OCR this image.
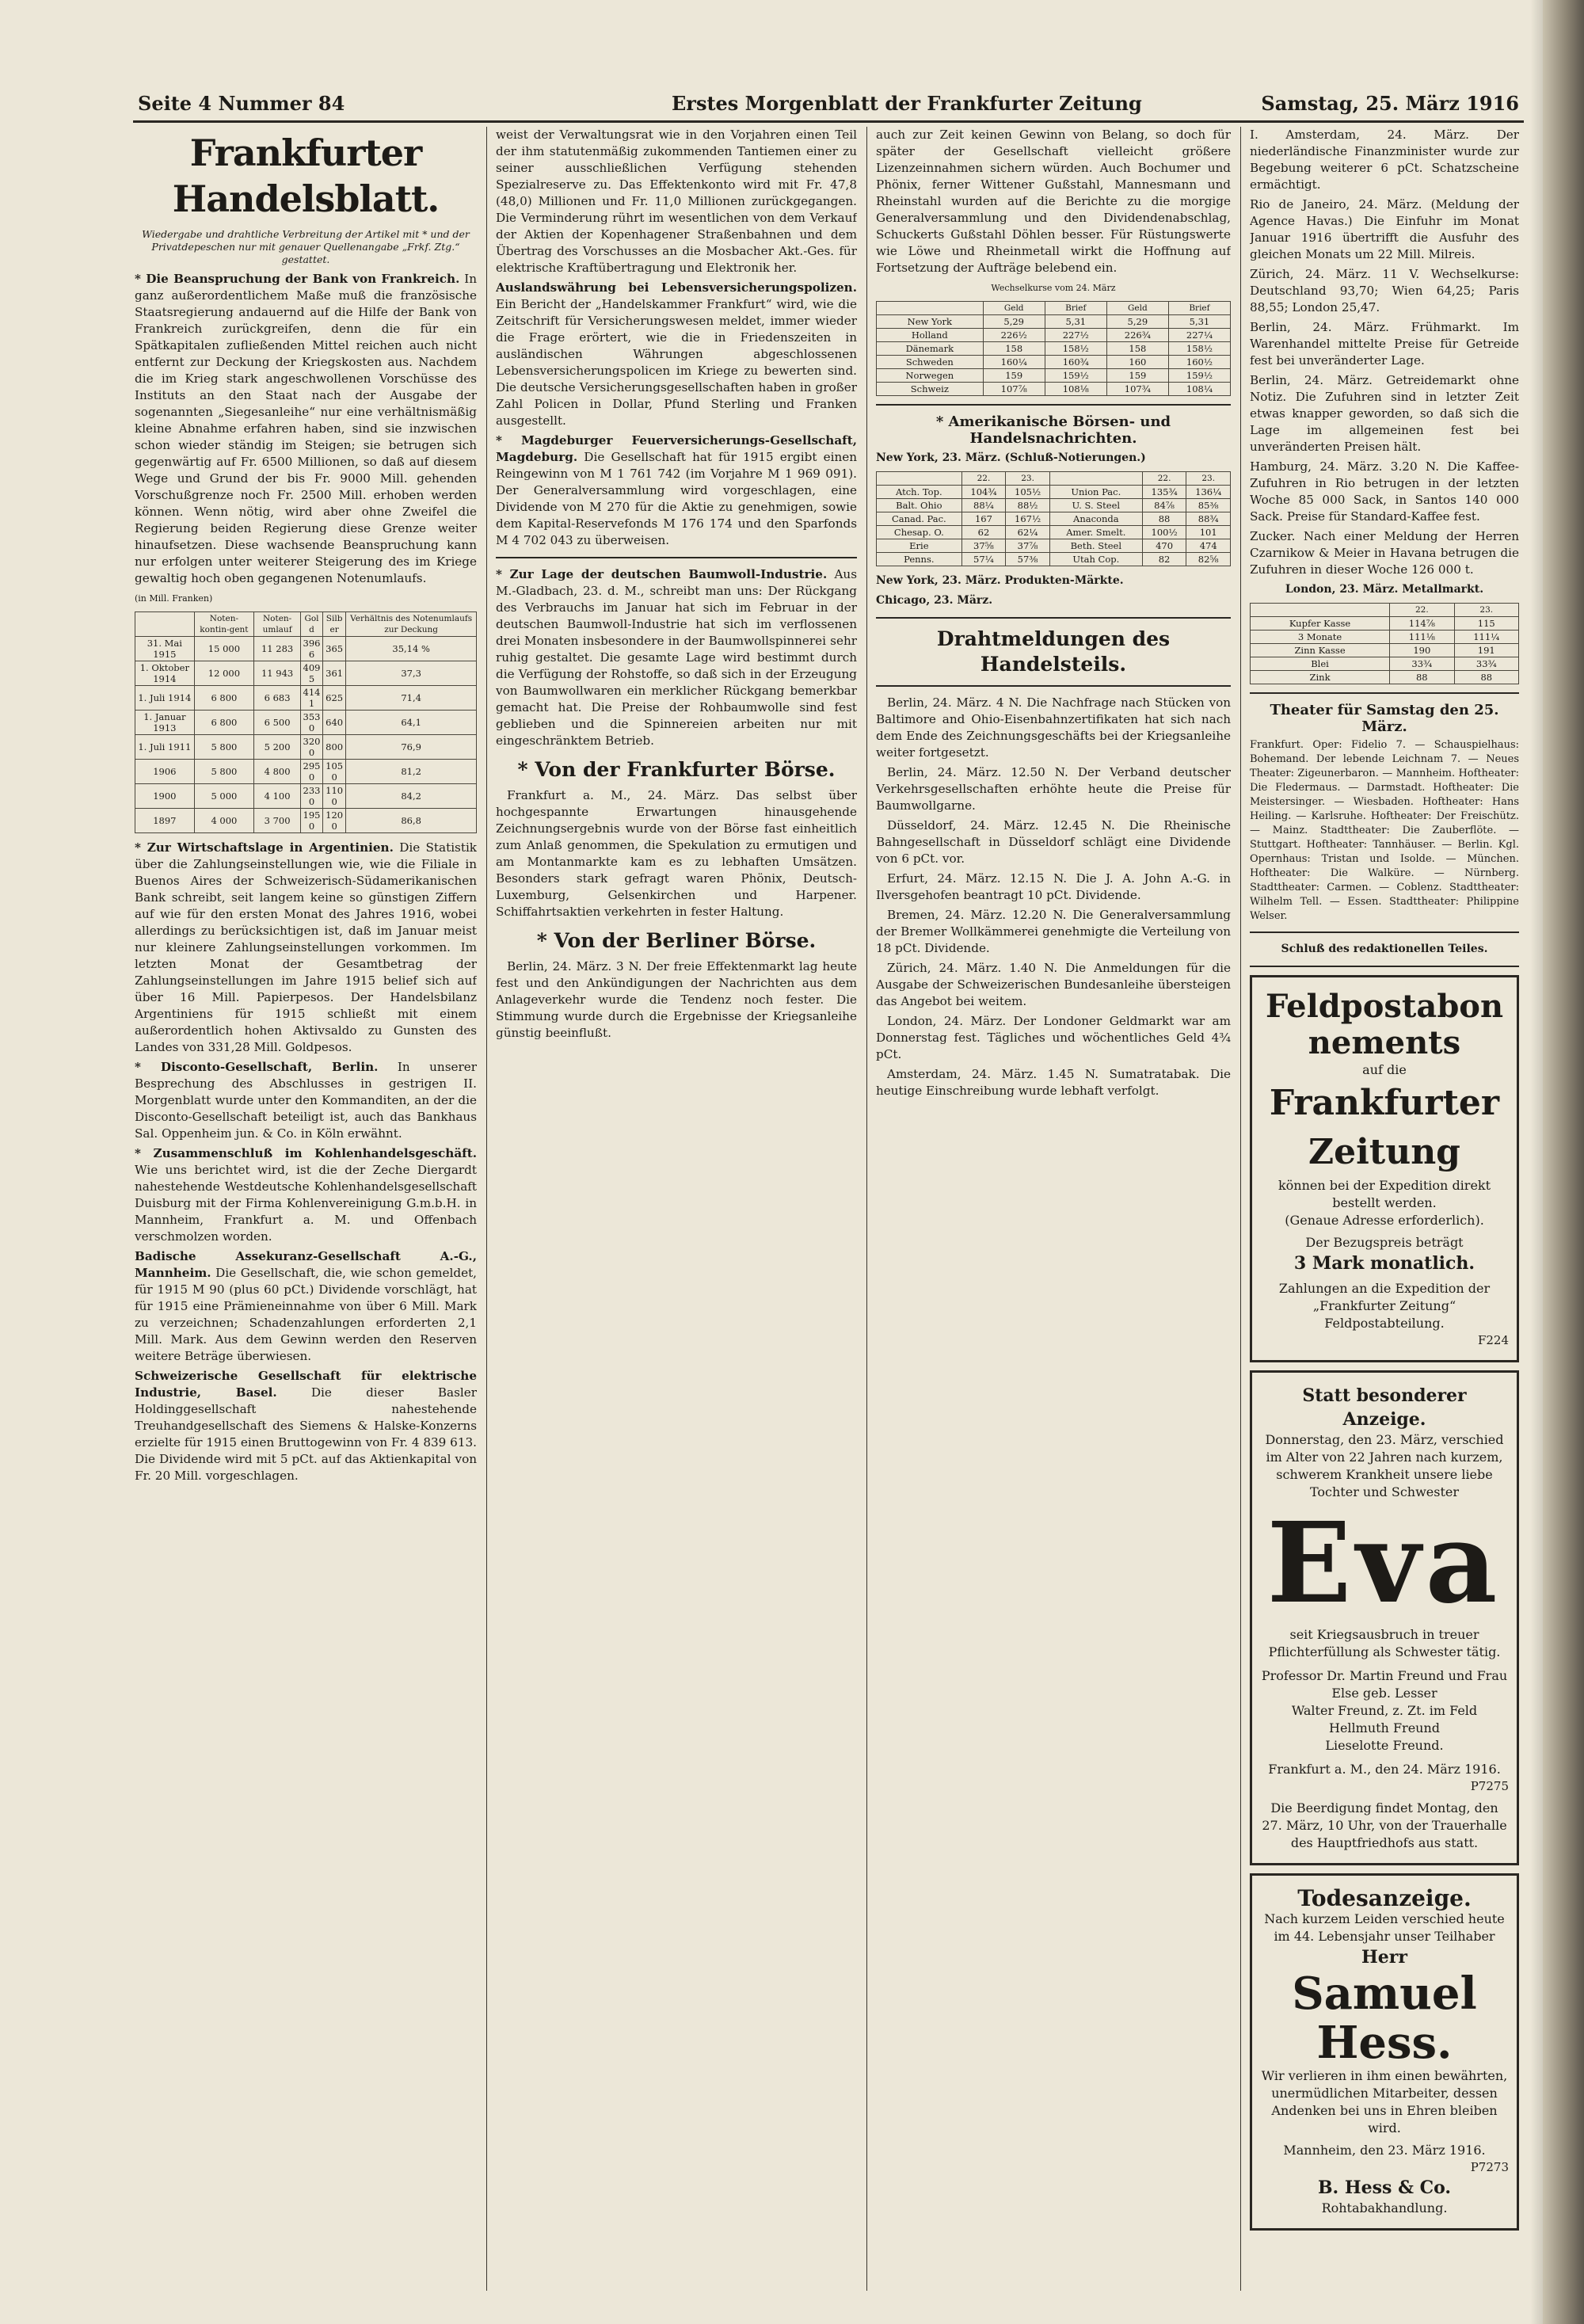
Seite 4 Nummer 84	Erstes Morgenblatt der Frankfurter Zeitung	Samstag, 25. März 1916
Frankfurter Handelsblatt.
Wiedergabe und drahtliche Verbreitung der Artikel mit * und der Privatdepeschen nur mit genauer Quellenangabe „Frkf. Ztg.“ gestattet.

* Die Beanspruchung der Bank von Frankreich. In ganz außerordentlichem Maße muß die französische Staatsregierung andauernd auf die Hilfe der Bank von Frankreich zurückgreifen, denn die für ein Spätkapitalen zufließenden Mittel reichen auch nicht entfernt zur Deckung der Kriegskosten aus. Nachdem die im Krieg stark angeschwollenen Vorschüsse des Instituts an den Staat nach der Ausgabe der sogenannten „Siegesanleihe“ nur eine verhältnismäßig kleine Abnahme erfahren haben, sind sie inzwischen schon wieder ständig im Steigen; sie betrugen sich gegenwärtig auf Fr. 6500 Millionen, so daß auf diesem Wege und Grund der bis Fr. 9000 Mill. gehenden Vorschußgrenze noch Fr. 2500 Mill. erhoben werden können. Wenn nötig, wird aber ohne Zweifel die Regierung beiden Regierung diese Grenze weiter hinaufsetzen. Diese wachsende Beanspruchung kann nur erfolgen unter weiterer Steigerung des im Kriege gewaltig hoch oben gegangenen Notenumlaufs.

(in Mill. Franken)
	Noten-kontin-gent	Noten-umlauf	Gold	Silber	Verhältnis des Notenumlaufs zur Deckung
31. Mai 1915	15 000	11 283	3966	365	35,14 %
1. Oktober 1914	12 000	11 943	4095	361	37,3
1. Juli 1914	6 800	6 683	4141	625	71,4
1. Januar 1913	6 800	6 500	3530	640	64,1
1. Juli 1911	5 800	5 200	3200	800	76,9
1906	5 800	4 800	2950	1050	81,2
1900	5 000	4 100	2330	1100	84,2
1897	4 000	3 700	1950	1200	86,8

* Zur Wirtschaftslage in Argentinien. Die Statistik über die Zahlungseinstellungen wie, wie die Filiale in Buenos Aires der Schweizerisch-Südamerikanischen Bank schreibt, seit langem keine so günstigen Ziffern auf wie für den ersten Monat des Jahres 1916, wobei allerdings zu berücksichtigen ist, daß im Januar meist nur kleinere Zahlungseinstellungen vorkommen. Im letzten Monat der Gesamtbetrag der Zahlungseinstellungen im Jahre 1915 belief sich auf über 16 Mill. Papierpesos. Der Handelsbilanz Argentiniens für 1915 schließt mit einem außerordentlich hohen Aktivsaldo zu Gunsten des Landes von 331,28 Mill. Goldpesos.

* Disconto-Gesellschaft, Berlin. In unserer Besprechung des Abschlusses in gestrigen II. Morgenblatt wurde unter den Kommanditen, an der die Disconto-Gesellschaft beteiligt ist, auch das Bankhaus Sal. Oppenheim jun. & Co. in Köln erwähnt.

* Zusammenschluß im Kohlenhandelsgeschäft. Wie uns berichtet wird, ist die der Zeche Diergardt nahestehende Westdeutsche Kohlenhandelsgesellschaft Duisburg mit der Firma Kohlenvereinigung G.m.b.H. in Mannheim, Frankfurt a. M. und Offenbach verschmolzen worden.

Badische Assekuranz-Gesellschaft A.-G., Mannheim. Die Gesellschaft, die, wie schon gemeldet, für 1915 M 90 (plus 60 pCt.) Dividende vorschlägt, hat für 1915 eine Prämieneinnahme von über 6 Mill. Mark zu verzeichnen; Schadenzahlungen erforderten 2,1 Mill. Mark. Aus dem Gewinn werden den Reserven weitere Beträge überwiesen.

Schweizerische Gesellschaft für elektrische Industrie, Basel.	Die dieser Basler Holdinggesellschaft nahestehende Treuhandgesellschaft des Siemens & Halske-Konzerns erzielte für 1915 einen Bruttogewinn von Fr. 4 839 613. Die Dividende wird mit 5 pCt. auf das Aktienkapital von Fr. 20 Mill. vorgeschlagen.

weist der Verwaltungsrat wie in den Vorjahren einen Teil der ihm statutenmäßig zukommenden Tantiemen einer zu seiner ausschließlichen Verfügung stehenden Spezialreserve zu. Das Effektenkonto wird mit Fr. 47,8 (48,0) Millionen und Fr. 11,0 Millionen zurückgegangen. Die Verminderung rührt im wesentlichen von dem Verkauf der Aktien der Kopenhagener Straßenbahnen und dem Übertrag des Vorschusses an die Mosbacher Akt.-Ges. für elektrische Kraftübertragung und Elektronik her.

Auslandswährung bei Lebensversicherungspolizen. Ein Bericht der „Handelskammer Frankfurt“ wird, wie die Zeitschrift für Versicherungswesen meldet, immer wieder die Frage erörtert, wie die in Friedenszeiten in ausländischen Währungen abgeschlossenen Lebensversicherungspolicen im Kriege zu bewerten sind. Die deutsche Versicherungsgesellschaften haben in großer Zahl Policen in Dollar, Pfund Sterling und Franken ausgestellt.

* Magdeburger Feuerversicherungs-Gesellschaft, Magdeburg. Die Gesellschaft hat für 1915 ergibt einen Reingewinn von M 1 761 742 (im Vorjahre M 1 969 091). Der Generalversammlung wird vorgeschlagen, eine Dividende von M 270 für die Aktie zu genehmigen, sowie dem Kapital-Reservefonds M 176 174 und den Sparfonds M 4 702 043 zu überweisen.

* Zur Lage der deutschen Baumwoll-Industrie. Aus M.-Gladbach, 23. d. M., schreibt man uns: Der Rückgang des Verbrauchs im Januar hat sich im Februar in der deutschen Baumwoll-Industrie hat sich im verflossenen drei Monaten insbesondere in der Baumwollspinnerei sehr ruhig gestaltet. Die gesamte Lage wird bestimmt durch die Verfügung der Rohstoffe, so daß sich in der Erzeugung von Baumwollwaren ein merklicher Rückgang bemerkbar gemacht hat. Die Preise der Rohbaumwolle sind fest geblieben und die Spinnereien arbeiten nur mit eingeschränktem Betrieb.

* Von der Frankfurter Börse.

Frankfurt a. M., 24. März. Das selbst über hochgespannte Erwartungen hinausgehende Zeichnungsergebnis wurde von der Börse fast einheitlich zum Anlaß genommen, die Spekulation zu ermutigen und am Montanmarkte kam es zu lebhaften Umsätzen. Besonders stark gefragt waren Phönix, Deutsch-Luxemburg, Gelsenkirchen und Harpener. Schiffahrtsaktien verkehrten in fester Haltung.

* Von der Berliner Börse.

Berlin, 24. März. 3 N. Der freie Effektenmarkt lag heute fest und den Ankündigungen der Nachrichten aus dem Anlageverkehr wurde die Tendenz noch fester. Die Stimmung wurde durch die Ergebnisse der Kriegsanleihe günstig beeinflußt.

auch zur Zeit keinen Gewinn von Belang, so doch für später der Gesellschaft vielleicht größere Lizenzeinnahmen sichern würden. Auch Bochumer und Phönix, ferner Wittener Gußstahl, Mannesmann und Rheinstahl wurden auf die Berichte zu die morgige Generalversammlung und den Dividendenabschlag, Schuckerts Gußstahl Döhlen besser. Für Rüstungswerte wie Löwe und Rheinmetall wirkt die Hoffnung auf Fortsetzung der Aufträge belebend ein.

Wechselkurse vom 24. März
	Geld	Brief	Geld	Brief
New York	5,29	5,31	5,29	5,31
Holland	226½	227½	226¾	227¼
Dänemark	158	158½	158	158½
Schweden	160¼	160¾	160	160½
Norwegen	159	159½	159	159½
Schweiz	107⅞	108⅛	107¾	108¼
* Amerikanische Börsen- und Handelsnachrichten.
New York, 23. März. (Schluß-Notierungen.)
	22.	23.		22.	23.
Atch. Top.	104¾	105½	Union Pac.	135¾	136¼
Balt. Ohio	88¼	88½	U. S. Steel	84⅞	85⅜
Canad. Pac.	167	167½	Anaconda	88	88¾
Chesap. O.	62	62¼	Amer. Smelt.	100½	101
Erie	37⅝	37⅞	Beth. Steel	470	474
Penns.	57¼	57⅜	Utah Cop.	82	82⅝
New York, 23. März. Produkten-Märkte.
Chicago, 23. März.
Drahtmeldungen des Handelsteils.

Berlin, 24. März. 4 N. Die Nachfrage nach Stücken von Baltimore and Ohio-Eisenbahnzertifikaten hat sich nach dem Ende des Zeichnungsgeschäfts bei der Kriegsanleihe weiter fortgesetzt.

Berlin, 24. März. 12.50 N. Der Verband deutscher Verkehrsgesellschaften erhöhte heute die Preise für Baumwollgarne.

Düsseldorf, 24. März. 12.45 N. Die Rheinische Bahngesellschaft in Düsseldorf schlägt eine Dividende von 6 pCt. vor.

Erfurt, 24. März. 12.15 N. Die J. A. John A.-G. in Ilversgehofen beantragt 10 pCt. Dividende.

Bremen, 24. März. 12.20 N. Die Generalversammlung der Bremer Wollkämmerei genehmigte die Verteilung von 18 pCt. Dividende.

Zürich, 24. März. 1.40 N. Die Anmeldungen für die Ausgabe der Schweizerischen Bundesanleihe übersteigen das Angebot bei weitem.

London, 24. März. Der Londoner Geldmarkt war am Donnerstag fest. Tägliches und wöchentliches Geld 4¾ pCt.

Amsterdam, 24. März. 1.45 N. Sumatratabak. Die heutige Einschreibung wurde lebhaft verfolgt.

I. Amsterdam, 24. März. Der niederländische Finanzminister wurde zur Begebung weiterer 6 pCt. Schatzscheine ermächtigt.

Rio de Janeiro, 24. März. (Meldung der Agence Havas.) Die Einfuhr im Monat Januar 1916 übertrifft die Ausfuhr des gleichen Monats um 22 Mill. Milreis.

Zürich, 24. März. 11 V. Wechselkurse: Deutschland 93,70; Wien 64,25; Paris 88,55; London 25,47.

Berlin, 24. März. Frühmarkt. Im Warenhandel mittelte Preise für Getreide fest bei unveränderter Lage.

Berlin, 24. März. Getreidemarkt ohne Notiz. Die Zufuhren sind in letzter Zeit etwas knapper geworden, so daß sich die Lage im allgemeinen fest bei unveränderten Preisen hält.

Hamburg, 24. März. 3.20 N. Die Kaffee-Zufuhren in Rio betrugen in der letzten Woche 85 000 Sack, in Santos 140 000 Sack. Preise für Standard-Kaffee fest.

Zucker. Nach einer Meldung der Herren Czarnikow & Meier in Havana betrugen die Zufuhren in dieser Woche 126 000 t.

London, 23. März. Metallmarkt.
	22.	23.
Kupfer Kasse	114⅞	115
3 Monate	111⅛	111¼
Zinn Kasse	190	191
Blei	33¾	33¾
Zink	88	88
Theater für Samstag den 25. März.

Frankfurt. Oper: Fidelio 7. — Schauspielhaus: Bohemand. Der lebende Leichnam 7. — Neues Theater: Zigeunerbaron. — Mannheim. Hoftheater: Die Fledermaus. — Darmstadt. Hoftheater: Die Meistersinger. — Wiesbaden. Hoftheater: Hans Heiling. — Karlsruhe. Hoftheater: Der Freischütz. — Mainz. Stadttheater: Die Zauberflöte. — Stuttgart. Hoftheater: Tannhäuser. — Berlin. Kgl. Opernhaus: Tristan und Isolde. — München. Hoftheater: Die Walküre. — Nürnberg. Stadttheater: Carmen. — Coblenz. Stadttheater: Wilhelm Tell. — Essen. Stadttheater: Philippine Welser.

Schluß des redaktionellen Teiles.
Feldpostabonnements
auf die
Frankfurter Zeitung
können bei der Expedition direkt bestellt werden.
(Genaue Adresse erforderlich).
Der Bezugspreis beträgt
3 Mark monatlich.
Zahlungen an die Expedition der „Frankfurter Zeitung“ Feldpostabteilung.
F224
Statt besonderer Anzeige.
Donnerstag, den 23. März, verschied im Alter von 22 Jahren nach kurzem, schwerem Krankheit unsere liebe Tochter und Schwester
Eva
seit Kriegsausbruch in treuer Pflichterfüllung als Schwester tätig.
Professor Dr. Martin Freund und Frau Else geb. Lesser
Walter Freund, z. Zt. im Feld
Hellmuth Freund
Lieselotte Freund.
Frankfurt a. M., den 24. März 1916.
P7275
Die Beerdigung findet Montag, den 27. März, 10 Uhr, von der Trauerhalle des Hauptfriedhofs aus statt.
Todesanzeige.
Nach kurzem Leiden verschied heute im 44. Lebensjahr unser Teilhaber
Herr
Samuel Hess.
Wir verlieren in ihm einen bewährten, unermüdlichen Mitarbeiter, dessen Andenken bei uns in Ehren bleiben wird.
Mannheim, den 23. März 1916.
P7273
B. Hess & Co.
Rohtabakhandlung.
